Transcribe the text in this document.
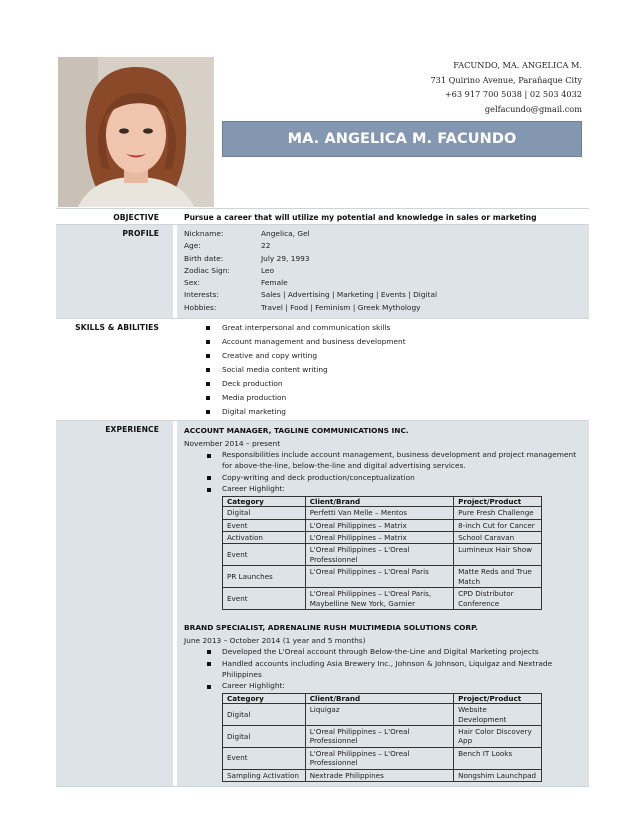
FACUNDO, MA. ANGELICA M.
731 Quirino Avenue, Parañaque City
+63 917 700 5038 | 02 503 4032
gelfacundo@gmail.com
MA. ANGELICA M. FACUNDO
OBJECTIVE	Pursue a career that will utilize my potential and knowledge in sales or marketing
PROFILE	Nickname:	Angelica, Gel
Age:	22
Birth date:	July 29, 1993
Zodiac Sign:	Leo
Sex:	Female
Interests:	Sales | Advertising | Marketing | Events | Digital
Hobbies:	Travel | Food | Feminism | Greek Mythology
SKILLS & ABILITIES	Great interpersonal and communication skills
Account management and business development
Creative and copy writing
Social media content writing
Deck production
Media production
Digital marketing
EXPERIENCE	ACCOUNT MANAGER, TAGLINE COMMUNICATIONS INC.
November 2014 – present
Responsibilities include account management, business development and project management for above-the-line, below-the-line and digital advertising services.
Copy-writing and deck production/conceptualization
Career Highlight:
Category	Client/Brand	Project/Product
Digital	Perfetti Van Melle – Mentos	Pure Fresh Challenge
Event	L'Oreal Philippines – Matrix	8-inch Cut for Cancer
Activation	L'Oreal Philippines – Matrix	School Caravan
Event	L'Oreal Philippines – L'Oreal Professionnel	Lumineux Hair Show
PR Launches	L'Oreal Philippines – L'Oreal Paris	Matte Reds and True Match
Event	L'Oreal Philippines – L'Oreal Paris, Maybelline New York, Garnier	CPD Distributor Conference
BRAND SPECIALIST, ADRENALINE RUSH MULTIMEDIA SOLUTIONS CORP.
June 2013 – October 2014 (1 year and 5 months)
Developed the L'Oreal account through Below-the-Line and Digital Marketing projects
Handled accounts including Asia Brewery Inc., Johnson & Johnson, Liquigaz and Nextrade Philippines
Career Highlight:
Category	Client/Brand	Project/Product
Digital	Liquigaz	Website Development
Digital	L'Oreal Philippines – L'Oreal Professionnel	Hair Color Discovery App
Event	L'Oreal Philippines – L'Oreal Professionnel	Bench IT Looks
Sampling Activation	Nextrade Philippines	Nongshim Launchpad
